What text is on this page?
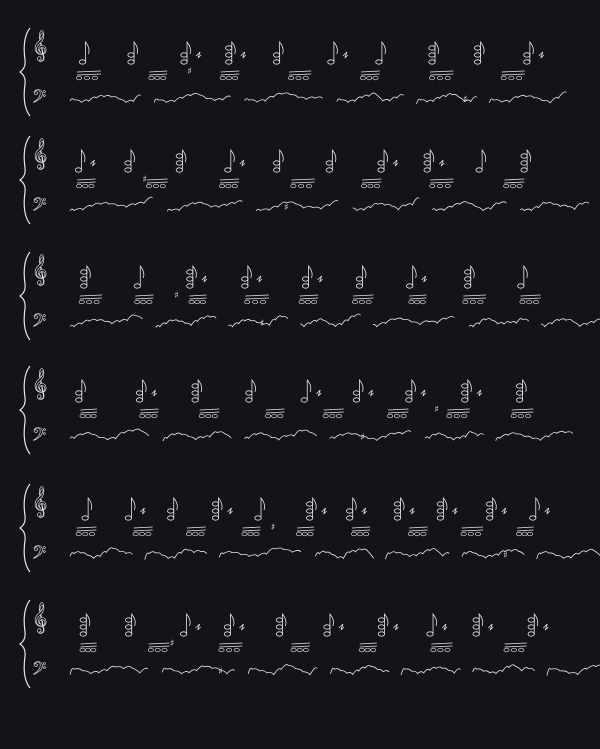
𝄞
𝄢	♯
♯
𝄞
𝄢	♯
♯
𝄞
𝄢	♯
♯
𝄞
𝄢	♯
♯
𝄞
𝄢	♯
♯
𝄞
𝄢	♯
♯
